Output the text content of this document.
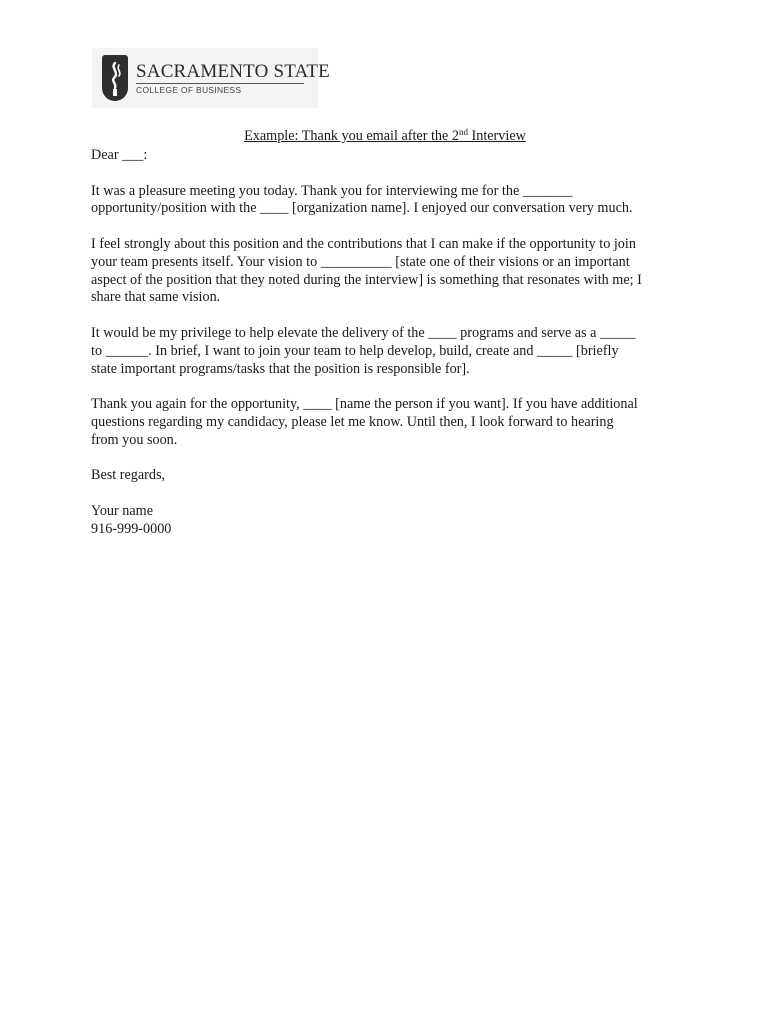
SACRAMENTO STATE
COLLEGE OF BUSINESS
Example: Thank you email after the 2nd Interview

Dear ___:

It was a pleasure meeting you today. Thank you for interviewing me for the _______
opportunity/position with the ____ [organization name]. I enjoyed our conversation very much.

I feel strongly about this position and the contributions that I can make if the opportunity to join
your team presents itself. Your vision to __________ [state one of their visions or an important
aspect of the position that they noted during the interview] is something that resonates with me; I
share that same vision.

It would be my privilege to help elevate the delivery of the ____ programs and serve as a _____
to ______. In brief, I want to join your team to help develop, build, create and _____ [briefly
state important programs/tasks that the position is responsible for].

Thank you again for the opportunity, ____ [name the person if you want]. If you have additional
questions regarding my candidacy, please let me know. Until then, I look forward to hearing
from you soon.

Best regards,

Your name

916-999-0000
